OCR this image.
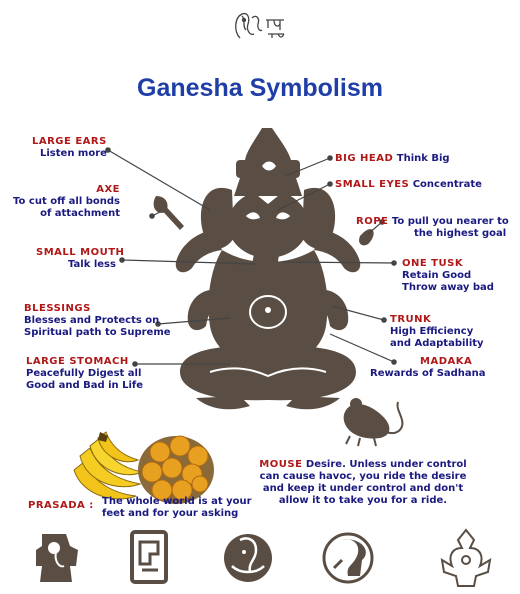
Ganesha Symbolism
LARGE EARS
Listen more
AXE
To cut off all bonds
of attachment
SMALL MOUTH
Talk less
BLESSINGS
Blesses and Protects on
Spiritual path to Supreme
LARGE STOMACH
Peacefully Digest all
Good and Bad in Life
BIG HEAD Think Big
SMALL EYES Concentrate
ROPE To pull you nearer to
the highest goal
ONE TUSK
Retain Good
Throw away bad
TRUNK
High Efficiency
and Adaptability
MADAKA
Rewards of Sadhana
MOUSE Desire. Unless under control
can cause havoc, you ride the desire
and keep it under control and don't
allow it to take you for a ride.
PRASADA : The whole world is at your
feet and for your asking
